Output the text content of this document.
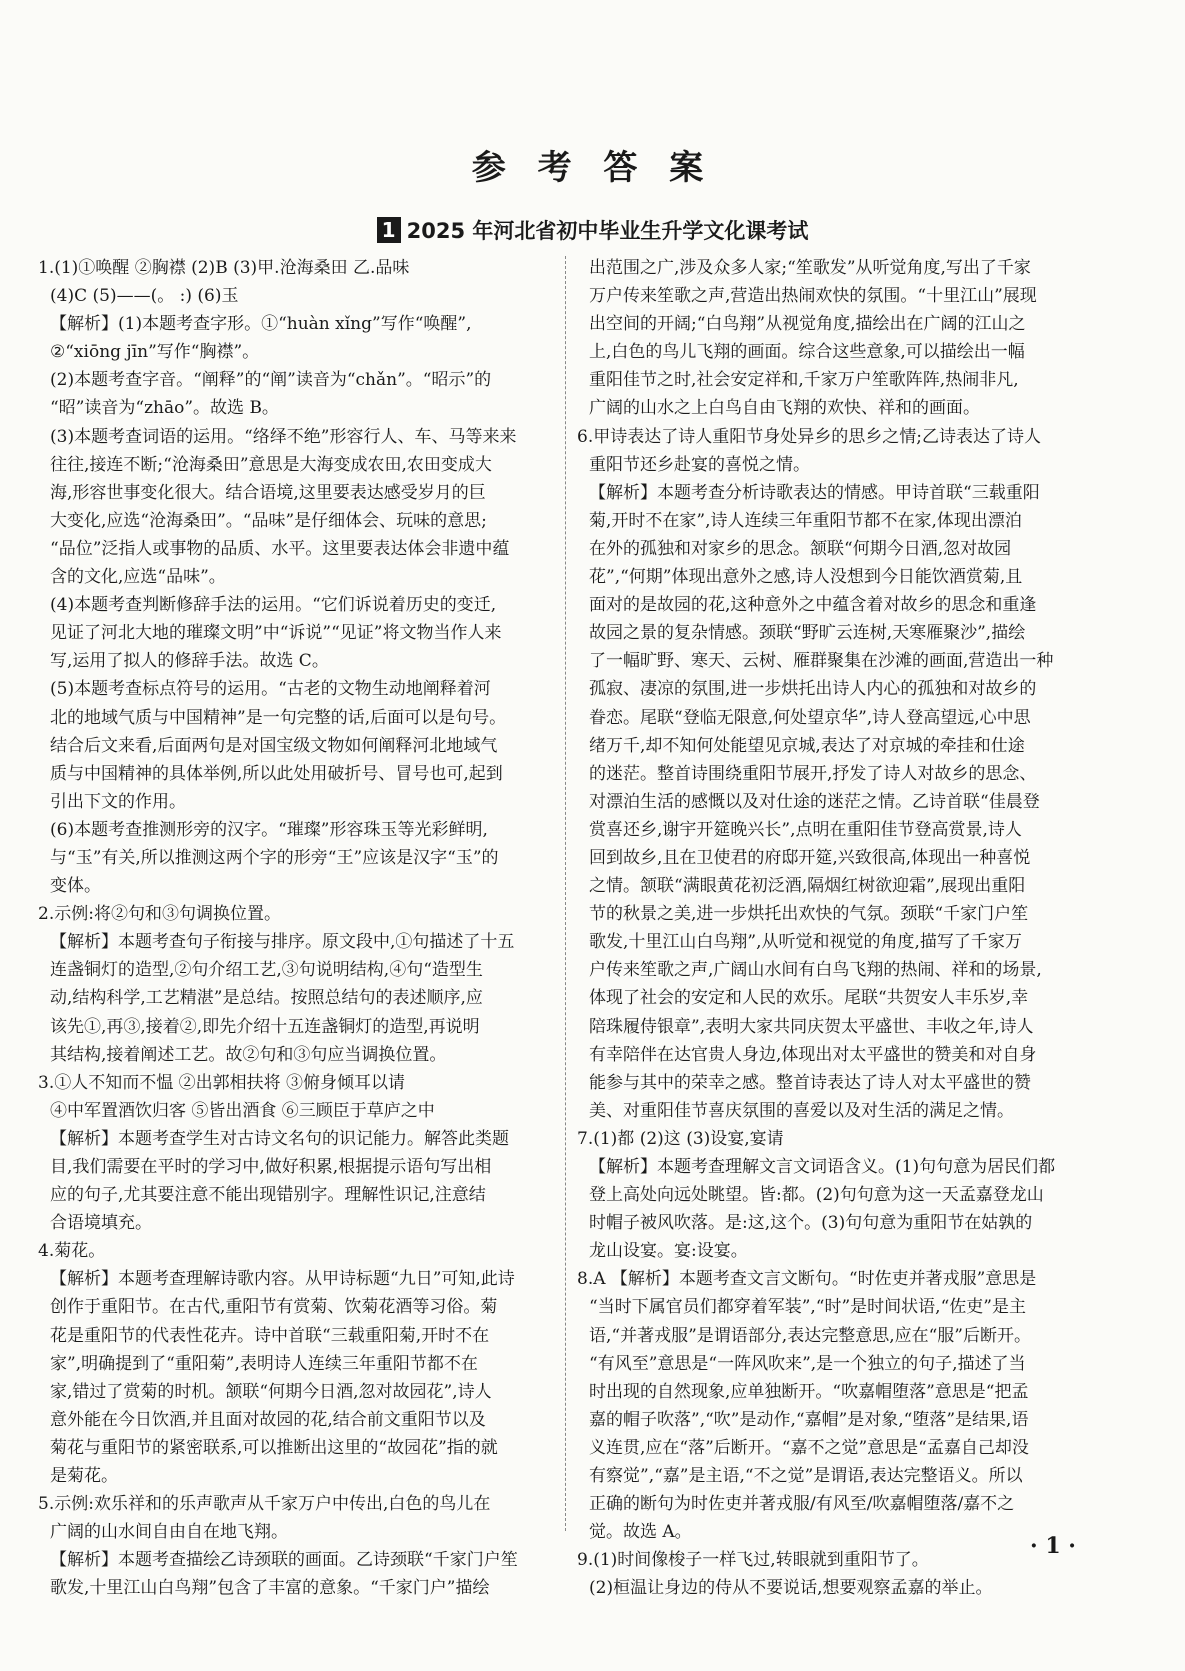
参 考 答 案
1 2025 年河北省初中毕业生升学文化课考试
1.(1)①唤醒 ②胸襟 (2)B (3)甲.沧海桑田 乙.品味
(4)C (5)——(。 :) (6)玉
【解析】(1)本题考查字形。①“huàn xǐng”写作“唤醒”,
②“xiōng jīn”写作“胸襟”。
(2)本题考查字音。“阐释”的“阐”读音为“chǎn”。“昭示”的
“昭”读音为“zhāo”。故选 B。
(3)本题考查词语的运用。“络绎不绝”形容行人、车、马等来来
往往,接连不断;“沧海桑田”意思是大海变成农田,农田变成大
海,形容世事变化很大。结合语境,这里要表达感受岁月的巨
大变化,应选“沧海桑田”。“品味”是仔细体会、玩味的意思;
“品位”泛指人或事物的品质、水平。这里要表达体会非遗中蕴
含的文化,应选“品味”。
(4)本题考查判断修辞手法的运用。“它们诉说着历史的变迁,
见证了河北大地的璀璨文明”中“诉说”“见证”将文物当作人来
写,运用了拟人的修辞手法。故选 C。
(5)本题考查标点符号的运用。“古老的文物生动地阐释着河
北的地域气质与中国精神”是一句完整的话,后面可以是句号。
结合后文来看,后面两句是对国宝级文物如何阐释河北地域气
质与中国精神的具体举例,所以此处用破折号、冒号也可,起到
引出下文的作用。
(6)本题考查推测形旁的汉字。“璀璨”形容珠玉等光彩鲜明,
与“玉”有关,所以推测这两个字的形旁“王”应该是汉字“玉”的
变体。
2.示例:将②句和③句调换位置。
【解析】本题考查句子衔接与排序。原文段中,①句描述了十五
连盏铜灯的造型,②句介绍工艺,③句说明结构,④句“造型生
动,结构科学,工艺精湛”是总结。按照总结句的表述顺序,应
该先①,再③,接着②,即先介绍十五连盏铜灯的造型,再说明
其结构,接着阐述工艺。故②句和③句应当调换位置。
3.①人不知而不愠 ②出郭相扶将 ③俯身倾耳以请
④中军置酒饮归客 ⑤皆出酒食 ⑥三顾臣于草庐之中
【解析】本题考查学生对古诗文名句的识记能力。解答此类题
目,我们需要在平时的学习中,做好积累,根据提示语句写出相
应的句子,尤其要注意不能出现错别字。理解性识记,注意结
合语境填充。
4.菊花。
【解析】本题考查理解诗歌内容。从甲诗标题“九日”可知,此诗
创作于重阳节。在古代,重阳节有赏菊、饮菊花酒等习俗。菊
花是重阳节的代表性花卉。诗中首联“三载重阳菊,开时不在
家”,明确提到了“重阳菊”,表明诗人连续三年重阳节都不在
家,错过了赏菊的时机。颔联“何期今日酒,忽对故园花”,诗人
意外能在今日饮酒,并且面对故园的花,结合前文重阳节以及
菊花与重阳节的紧密联系,可以推断出这里的“故园花”指的就
是菊花。
5.示例:欢乐祥和的乐声歌声从千家万户中传出,白色的鸟儿在
广阔的山水间自由自在地飞翔。
【解析】本题考查描绘乙诗颈联的画面。乙诗颈联“千家门户笙
歌发,十里江山白鸟翔”包含了丰富的意象。“千家门户”描绘
出范围之广,涉及众多人家;“笙歌发”从听觉角度,写出了千家
万户传来笙歌之声,营造出热闹欢快的氛围。“十里江山”展现
出空间的开阔;“白鸟翔”从视觉角度,描绘出在广阔的江山之
上,白色的鸟儿飞翔的画面。综合这些意象,可以描绘出一幅
重阳佳节之时,社会安定祥和,千家万户笙歌阵阵,热闹非凡,
广阔的山水之上白鸟自由飞翔的欢快、祥和的画面。
6.甲诗表达了诗人重阳节身处异乡的思乡之情;乙诗表达了诗人
重阳节还乡赴宴的喜悦之情。
【解析】本题考查分析诗歌表达的情感。甲诗首联“三载重阳
菊,开时不在家”,诗人连续三年重阳节都不在家,体现出漂泊
在外的孤独和对家乡的思念。颔联“何期今日酒,忽对故园
花”,“何期”体现出意外之感,诗人没想到今日能饮酒赏菊,且
面对的是故园的花,这种意外之中蕴含着对故乡的思念和重逢
故园之景的复杂情感。颈联“野旷云连树,天寒雁聚沙”,描绘
了一幅旷野、寒天、云树、雁群聚集在沙滩的画面,营造出一种
孤寂、凄凉的氛围,进一步烘托出诗人内心的孤独和对故乡的
眷恋。尾联“登临无限意,何处望京华”,诗人登高望远,心中思
绪万千,却不知何处能望见京城,表达了对京城的牵挂和仕途
的迷茫。整首诗围绕重阳节展开,抒发了诗人对故乡的思念、
对漂泊生活的感慨以及对仕途的迷茫之情。乙诗首联“佳晨登
赏喜还乡,谢宇开筵晚兴长”,点明在重阳佳节登高赏景,诗人
回到故乡,且在卫使君的府邸开筵,兴致很高,体现出一种喜悦
之情。颔联“满眼黄花初泛酒,隔烟红树欲迎霜”,展现出重阳
节的秋景之美,进一步烘托出欢快的气氛。颈联“千家门户笙
歌发,十里江山白鸟翔”,从听觉和视觉的角度,描写了千家万
户传来笙歌之声,广阔山水间有白鸟飞翔的热闹、祥和的场景,
体现了社会的安定和人民的欢乐。尾联“共贺安人丰乐岁,幸
陪珠履侍银章”,表明大家共同庆贺太平盛世、丰收之年,诗人
有幸陪伴在达官贵人身边,体现出对太平盛世的赞美和对自身
能参与其中的荣幸之感。整首诗表达了诗人对太平盛世的赞
美、对重阳佳节喜庆氛围的喜爱以及对生活的满足之情。
7.(1)都 (2)这 (3)设宴,宴请
【解析】本题考查理解文言文词语含义。(1)句句意为居民们都
登上高处向远处眺望。皆:都。(2)句句意为这一天孟嘉登龙山
时帽子被风吹落。是:这,这个。(3)句句意为重阳节在姑孰的
龙山设宴。宴:设宴。
8.A 【解析】本题考查文言文断句。“时佐吏并著戎服”意思是
“当时下属官员们都穿着军装”,“时”是时间状语,“佐吏”是主
语,“并著戎服”是谓语部分,表达完整意思,应在“服”后断开。
“有风至”意思是“一阵风吹来”,是一个独立的句子,描述了当
时出现的自然现象,应单独断开。“吹嘉帽堕落”意思是“把孟
嘉的帽子吹落”,“吹”是动作,“嘉帽”是对象,“堕落”是结果,语
义连贯,应在“落”后断开。“嘉不之觉”意思是“孟嘉自己却没
有察觉”,“嘉”是主语,“不之觉”是谓语,表达完整语义。所以
正确的断句为时佐吏并著戎服/有风至/吹嘉帽堕落/嘉不之
觉。故选 A。
9.(1)时间像梭子一样飞过,转眼就到重阳节了。
(2)桓温让身边的侍从不要说话,想要观察孟嘉的举止。
· 1 ·
